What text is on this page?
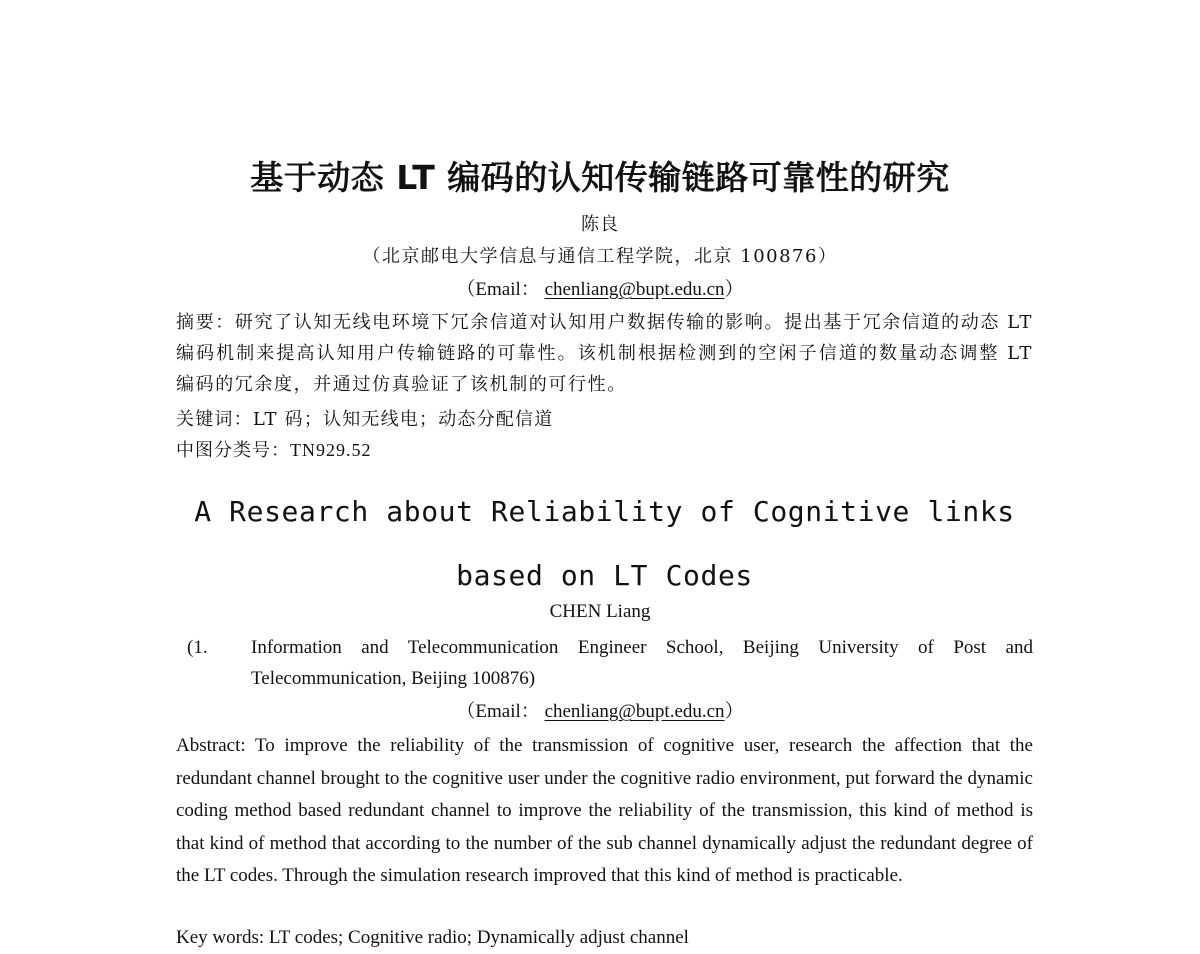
基于动态 LT 编码的认知传输链路可靠性的研究
陈良
（北京邮电大学信息与通信工程学院，北京 100876）
（Email： chenliang@bupt.edu.cn）
摘要：研究了认知无线电环境下冗余信道对认知用户数据传输的影响。提出基于冗余信道的动态 LT 编码机制来提高认知用户传输链路的可靠性。该机制根据检测到的空闲子信道的数量动态调整 LT 编码的冗余度，并通过仿真验证了该机制的可行性。
关键词：LT 码；认知无线电；动态分配信道
中图分类号：TN929.52
A Research about Reliability of Cognitive links based on LT Codes
CHEN Liang
(1. Information and Telecommunication Engineer School, Beijing University of Post and Telecommunication, Beijing 100876)
（Email： chenliang@bupt.edu.cn）
Abstract: To improve the reliability of the transmission of cognitive user, research the affection that the redundant channel brought to the cognitive user under the cognitive radio environment, put forward the dynamic coding method based redundant channel to improve the reliability of the transmission, this kind of method is that kind of method that according to the number of the sub channel dynamically adjust the redundant degree of the LT codes. Through the simulation research improved that this kind of method is practicable.
Key words: LT codes; Cognitive radio; Dynamically adjust channel
